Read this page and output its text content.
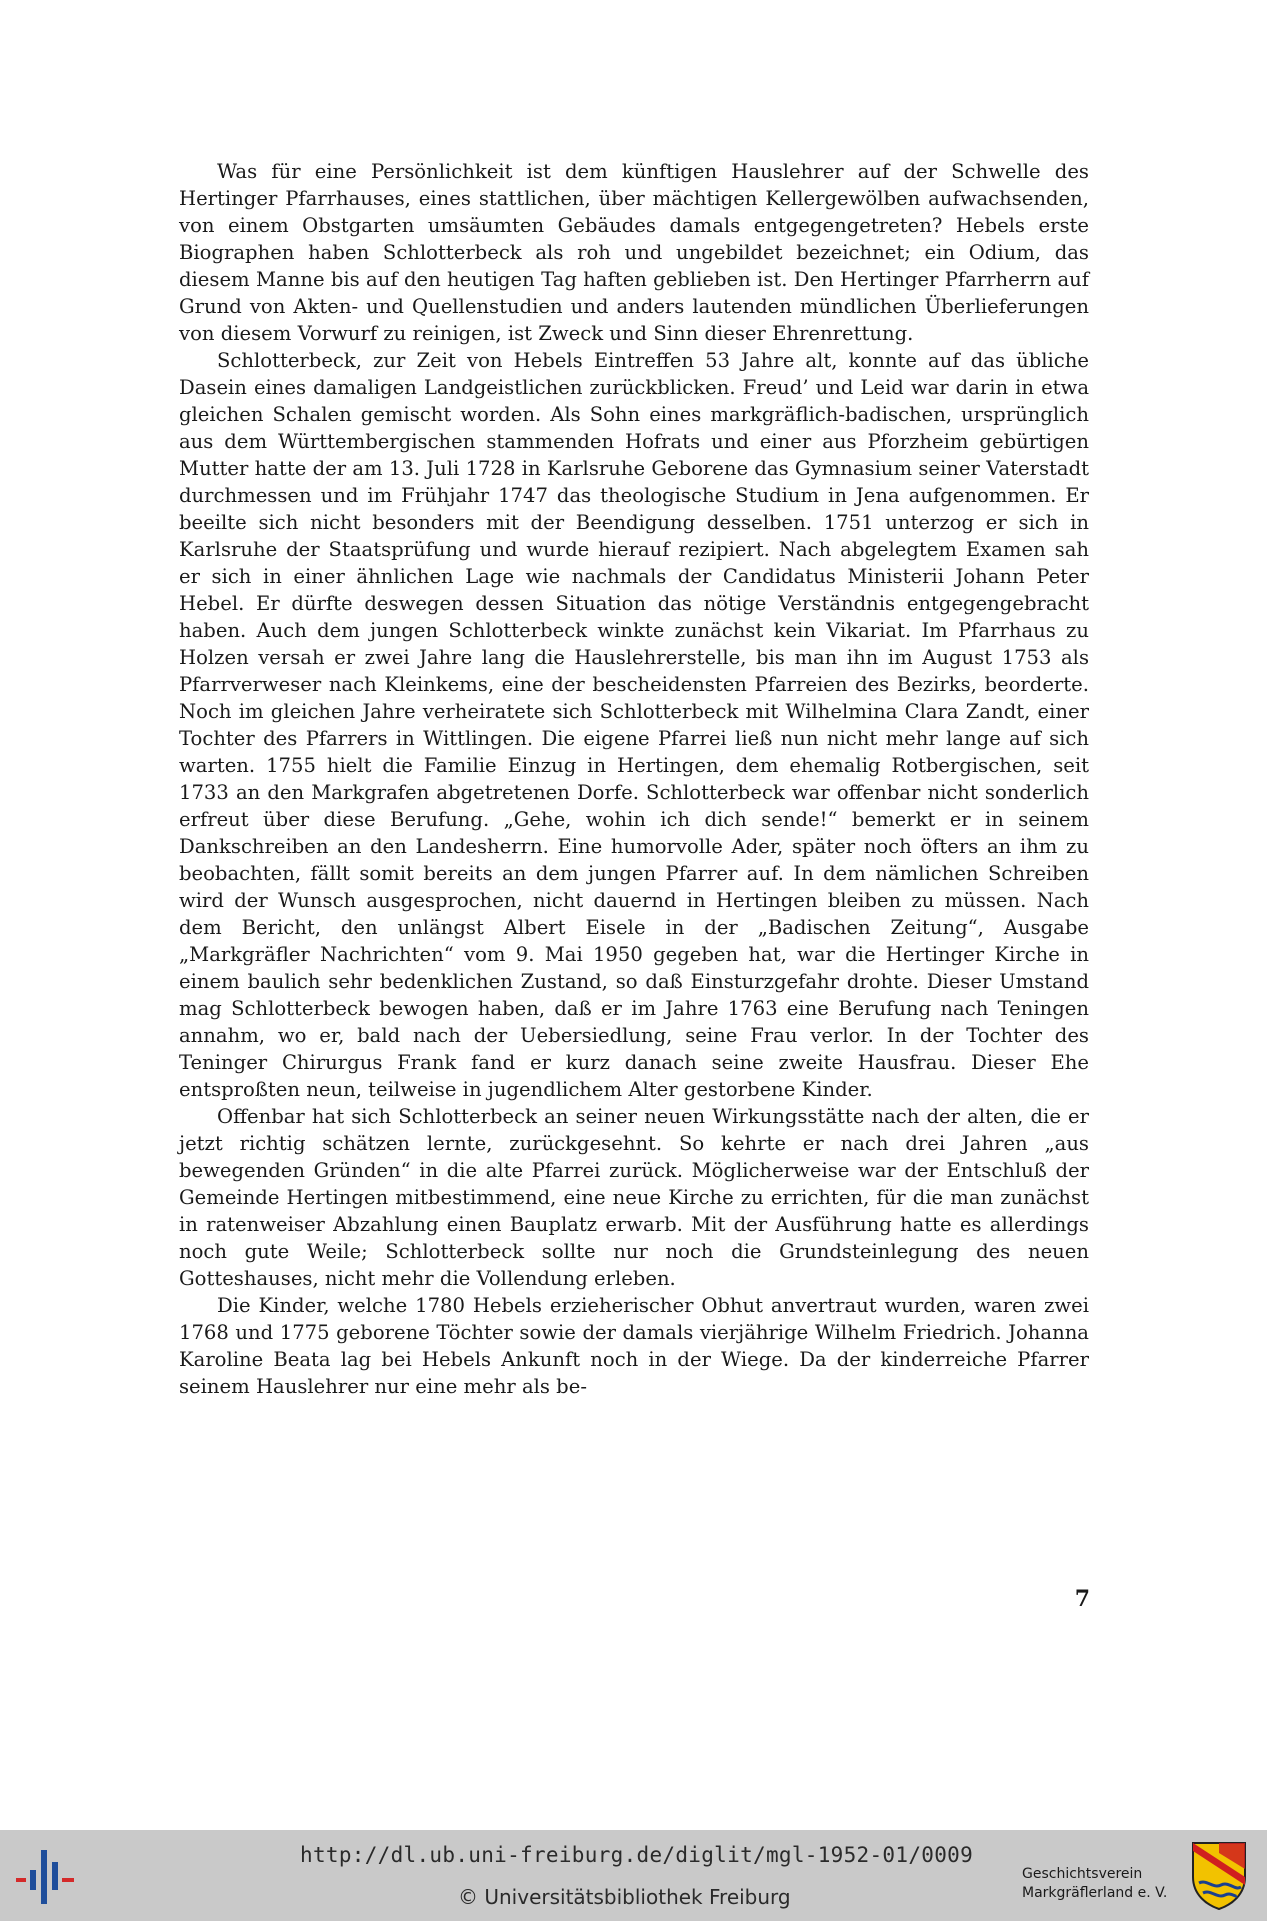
Was für eine Persönlichkeit ist dem künftigen Hauslehrer auf der Schwelle des Hertinger Pfarrhauses, eines stattlichen, über mächtigen Kellergewölben aufwachsenden, von einem Obstgarten umsäumten Gebäudes damals entgegengetreten? Hebels erste Biographen haben Schlotterbeck als roh und ungebildet bezeichnet; ein Odium, das diesem Manne bis auf den heutigen Tag haften geblieben ist. Den Hertinger Pfarrherrn auf Grund von Akten- und Quellenstudien und anders lautenden mündlichen Überlieferungen von diesem Vorwurf zu reinigen, ist Zweck und Sinn dieser Ehrenrettung.

Schlotterbeck, zur Zeit von Hebels Eintreffen 53 Jahre alt, konnte auf das übliche Dasein eines damaligen Landgeistlichen zurückblicken. Freud’ und Leid war darin in etwa gleichen Schalen gemischt worden. Als Sohn eines markgräflich-badischen, ursprünglich aus dem Württembergischen stammenden Hofrats und einer aus Pforzheim gebürtigen Mutter hatte der am 13. Juli 1728 in Karlsruhe Geborene das Gymnasium seiner Vaterstadt durchmessen und im Frühjahr 1747 das theologische Studium in Jena aufgenommen. Er beeilte sich nicht besonders mit der Beendigung desselben. 1751 unterzog er sich in Karlsruhe der Staatsprüfung und wurde hierauf rezipiert. Nach abgelegtem Examen sah er sich in einer ähnlichen Lage wie nachmals der Candidatus Ministerii Johann Peter Hebel. Er dürfte deswegen dessen Situation das nötige Verständnis entgegengebracht haben. Auch dem jungen Schlotterbeck winkte zunächst kein Vikariat. Im Pfarrhaus zu Holzen versah er zwei Jahre lang die Hauslehrerstelle, bis man ihn im August 1753 als Pfarrverweser nach Kleinkems, eine der bescheidensten Pfarreien des Bezirks, beorderte. Noch im gleichen Jahre verheiratete sich Schlotterbeck mit Wilhelmina Clara Zandt, einer Tochter des Pfarrers in Wittlingen. Die eigene Pfarrei ließ nun nicht mehr lange auf sich warten. 1755 hielt die Familie Einzug in Hertingen, dem ehemalig Rotbergischen, seit 1733 an den Markgrafen abgetretenen Dorfe. Schlotterbeck war offenbar nicht sonderlich erfreut über diese Berufung. „Gehe, wohin ich dich sende!“ bemerkt er in seinem Dankschreiben an den Landesherrn. Eine humorvolle Ader, später noch öfters an ihm zu beobachten, fällt somit bereits an dem jungen Pfarrer auf. In dem nämlichen Schreiben wird der Wunsch ausgesprochen, nicht dauernd in Hertingen bleiben zu müssen. Nach dem Bericht, den unlängst Albert Eisele in der „Badischen Zeitung“, Ausgabe „Markgräfler Nachrichten“ vom 9. Mai 1950 gegeben hat, war die Hertinger Kirche in einem baulich sehr bedenklichen Zustand, so daß Einsturzgefahr drohte. Dieser Umstand mag Schlotterbeck bewogen haben, daß er im Jahre 1763 eine Berufung nach Teningen annahm, wo er, bald nach der Uebersiedlung, seine Frau verlor. In der Tochter des Teninger Chirurgus Frank fand er kurz danach seine zweite Hausfrau. Dieser Ehe entsproßten neun, teilweise in jugendlichem Alter gestorbene Kinder.

Offenbar hat sich Schlotterbeck an seiner neuen Wirkungsstätte nach der alten, die er jetzt richtig schätzen lernte, zurückgesehnt. So kehrte er nach drei Jahren „aus bewegenden Gründen“ in die alte Pfarrei zurück. Möglicherweise war der Entschluß der Gemeinde Hertingen mitbestimmend, eine neue Kirche zu errichten, für die man zunächst in ratenweiser Abzahlung einen Bauplatz erwarb. Mit der Ausführung hatte es allerdings noch gute Weile; Schlotterbeck sollte nur noch die Grundsteinlegung des neuen Gotteshauses, nicht mehr die Vollendung erleben.

Die Kinder, welche 1780 Hebels erzieherischer Obhut anvertraut wurden, waren zwei 1768 und 1775 geborene Töchter sowie der damals vierjährige Wilhelm Friedrich. Johanna Karoline Beata lag bei Hebels Ankunft noch in der Wiege. Da der kinderreiche Pfarrer seinem Hauslehrer nur eine mehr als be-

7
http://dl.ub.uni-freiburg.de/diglit/mgl-1952-01/0009
© Universitätsbibliothek Freiburg
Geschichtsverein
Markgräflerland e. V.
